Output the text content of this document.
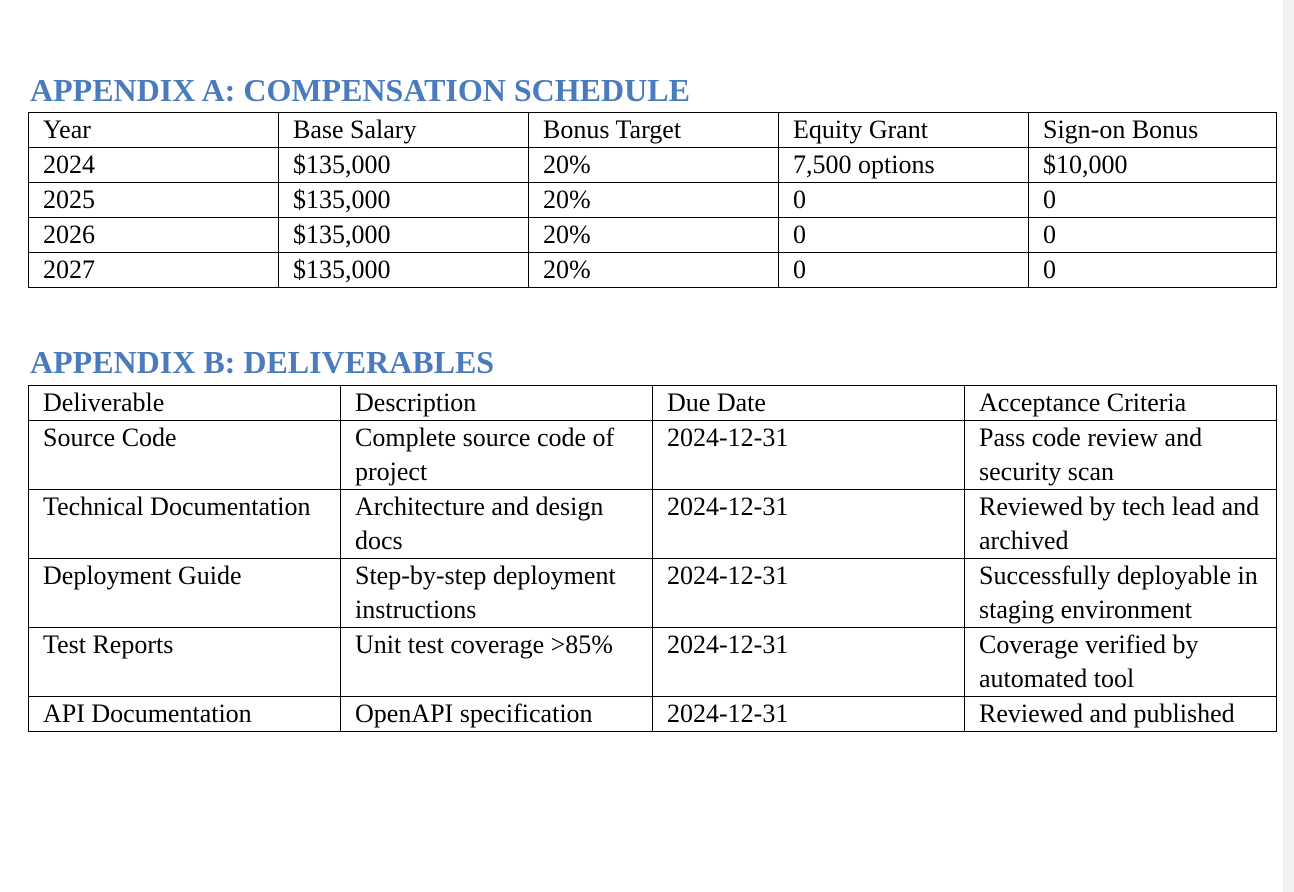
APPENDIX A: COMPENSATION SCHEDULE
Year	Base Salary	Bonus Target	Equity Grant	Sign-on Bonus
2024	$135,000	20%	7,500 options	$10,000
2025	$135,000	20%	0	0
2026	$135,000	20%	0	0
2027	$135,000	20%	0	0
APPENDIX B: DELIVERABLES
Deliverable	Description	Due Date	Acceptance Criteria
Source Code	Complete source code of project	2024-12-31	Pass code review and security scan
Technical Documentation	Architecture and design docs	2024-12-31	Reviewed by tech lead and archived
Deployment Guide	Step-by-step deployment instructions	2024-12-31	Successfully deployable in staging environment
Test Reports	Unit test coverage >85%	2024-12-31	Coverage verified by automated tool
API Documentation	OpenAPI specification	2024-12-31	Reviewed and published
